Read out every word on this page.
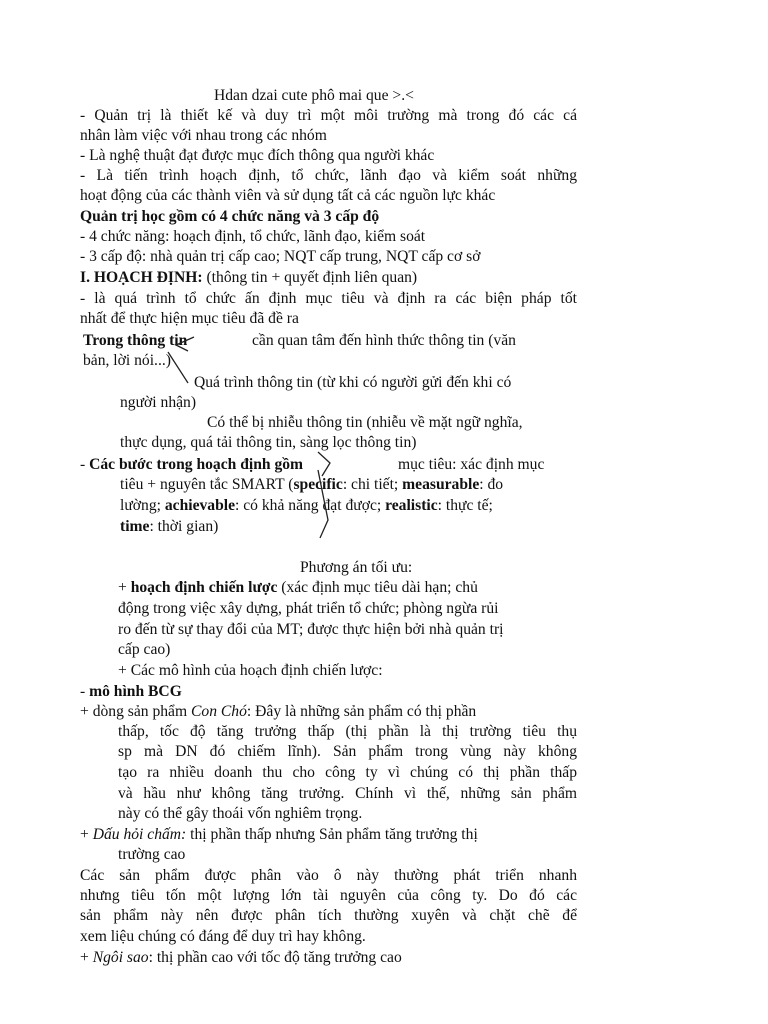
Hdan dzai cute phô mai que >.<
- Quản trị là thiết kế và duy trì một môi trường mà trong đó các cá
nhân làm việc với nhau trong các nhóm
- Là nghệ thuật đạt được mục đích thông qua người khác
- Là tiến trình hoạch định, tổ chức, lãnh đạo và kiểm soát những
hoạt động của các thành viên và sử dụng tất cả các nguồn lực khác
Quản trị học gồm có 4 chức năng và 3 cấp độ
- 4 chức năng: hoạch định, tổ chức, lãnh đạo, kiểm soát
- 3 cấp độ: nhà quản trị cấp cao; NQT cấp trung, NQT cấp cơ sở
I. HOẠCH ĐỊNH: (thông tin + quyết định liên quan)
- là quá trình tổ chức ấn định mục tiêu và định ra các biện pháp tốt
nhất để thực hiện mục tiêu đã đề ra
Trong thông tin	cần quan tâm đến hình thức thông tin (văn
bản, lời nói...)
Quá trình thông tin (từ khi có người gửi đến khi có
người nhận)
Có thể bị nhiễu thông tin (nhiễu về mặt ngữ nghĩa,
thực dụng, quá tải thông tin, sàng lọc thông tin)
- Các bước trong hoạch định gồm	mục tiêu: xác định mục
tiêu + nguyên tắc SMART (specific: chi tiết; measurable: đo
lường; achievable: có khả năng đạt được; realistic: thực tế;
time: thời gian)
Phương án tối ưu:
+ hoạch định chiến lược (xác định mục tiêu dài hạn; chủ
động trong việc xây dựng, phát triển tổ chức; phòng ngừa rủi
ro đến từ sự thay đổi của MT; được thực hiện bởi nhà quản trị
cấp cao)
+ Các mô hình của hoạch định chiến lược:
- mô hình BCG
+ dòng sản phẩm Con Chó: Đây là những sản phẩm có thị phần
thấp, tốc độ tăng trưởng thấp (thị phần là thị trường tiêu thụ
sp mà DN đó chiếm lĩnh). Sản phẩm trong vùng này không
tạo ra nhiều doanh thu cho công ty vì chúng có thị phần thấp
và hầu như không tăng trưởng. Chính vì thế, những sản phẩm
này có thể gây thoái vốn nghiêm trọng.
+ Dấu hỏi chấm: thị phần thấp nhưng Sản phẩm tăng trưởng thị
trường cao
Các sản phẩm được phân vào ô này thường phát triển nhanh
nhưng tiêu tốn một lượng lớn tài nguyên của công ty. Do đó các
sản phẩm này nên được phân tích thường xuyên và chặt chẽ để
xem liệu chúng có đáng để duy trì hay không.
+ Ngôi sao: thị phần cao với tốc độ tăng trưởng cao
